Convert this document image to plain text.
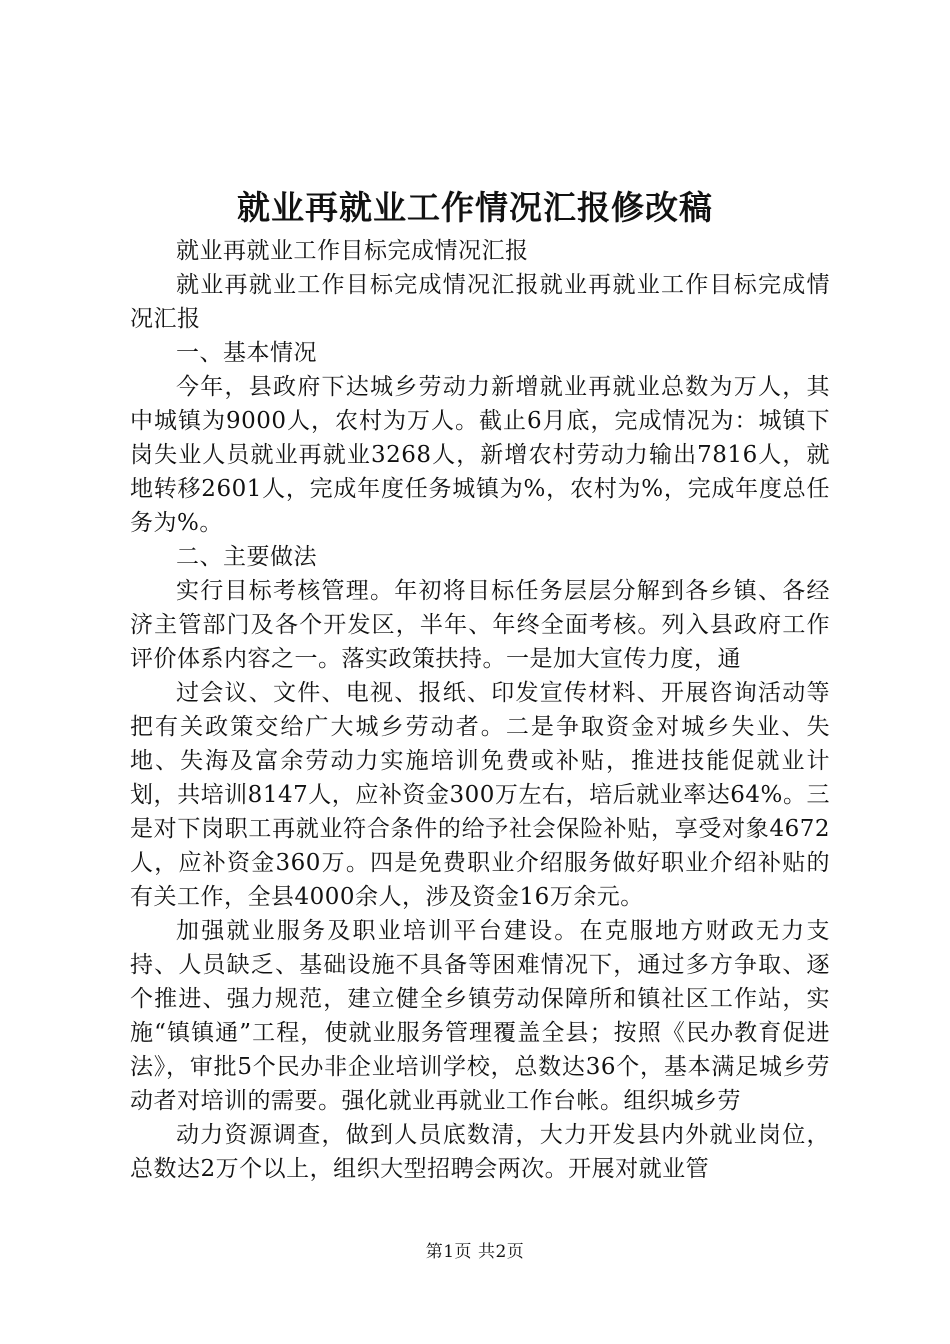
就业再就业工作情况汇报修改稿

就业再就业工作目标完成情况汇报

就业再就业工作目标完成情况汇报就业再就业工作目标完成情况汇报

一、基本情况

今年，县政府下达城乡劳动力新增就业再就业总数为万人，其中城镇为9000人，农村为万人。截止6月底，完成情况为：城镇下岗失业人员就业再就业3268人，新增农村劳动力输出7816人，就地转移2601人，完成年度任务城镇为%，农村为%，完成年度总任务为%。

二、主要做法

实行目标考核管理。年初将目标任务层层分解到各乡镇、各经济主管部门及各个开发区，半年、年终全面考核。列入县政府工作评价体系内容之一。落实政策扶持。一是加大宣传力度，通

过会议、文件、电视、报纸、印发宣传材料、开展咨询活动等把有关政策交给广大城乡劳动者。二是争取资金对城乡失业、失地、失海及富余劳动力实施培训免费或补贴，推进技能促就业计划，共培训8147人，应补资金300万左右，培后就业率达64%。三是对下岗职工再就业符合条件的给予社会保险补贴，享受对象4672人，应补资金360万。四是免费职业介绍服务做好职业介绍补贴的有关工作，全县4000余人，涉及资金16万余元。

加强就业服务及职业培训平台建设。在克服地方财政无力支持、人员缺乏、基础设施不具备等困难情况下，通过多方争取、逐个推进、强力规范，建立健全乡镇劳动保障所和镇社区工作站，实施“镇镇通”工程，使就业服务管理覆盖全县；按照《民办教育促进法》，审批5个民办非企业培训学校，总数达36个，基本满足城乡劳动者对培训的需要。强化就业再就业工作台帐。组织城乡劳

动力资源调查，做到人员底数清，大力开发县内外就业岗位，总数达2万个以上，组织大型招聘会两次。开展对就业管

第1页 共2页
